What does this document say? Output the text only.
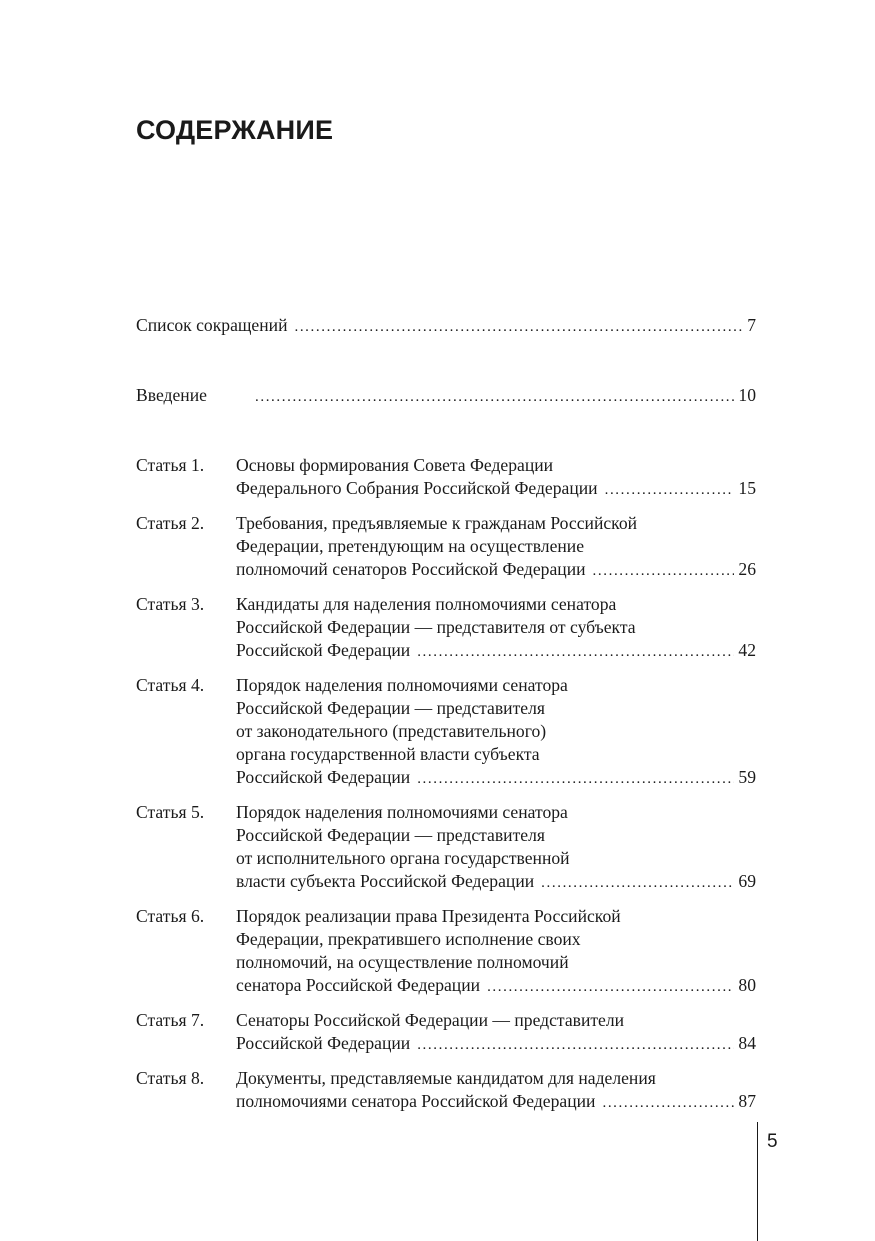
СОДЕРЖАНИЕ
Список сокращений .....	7
Введение .....	10
Статья 1.	Основы формирования Совета Федерации
Федерального Собрания Российской Федерации .....	15
Статья 2.	Требования, предъявляемые к гражданам Российской
Федерации, претендующим на осуществление
полномочий сенаторов Российской Федерации .....	26
Статья 3.	Кандидаты для наделения полномочиями сенатора
Российской Федерации — представителя от субъекта
Российской Федерации .....	42
Статья 4.	Порядок наделения полномочиями сенатора
Российской Федерации — представителя
от законодательного (представительного)
органа государственной власти субъекта
Российской Федерации .....	59
Статья 5.	Порядок наделения полномочиями сенатора
Российской Федерации — представителя
от исполнительного органа государственной
власти субъекта Российской Федерации .....	69
Статья 6.	Порядок реализации права Президента Российской
Федерации, прекратившего исполнение своих
полномочий, на осуществление полномочий
сенатора Российской Федерации .....	80
Статья 7.	Сенаторы Российской Федерации — представители
Российской Федерации .....	84
Статья 8.	Документы, представляемые кандидатом для наделения
полномочиями сенатора Российской Федерации .....	87
5
